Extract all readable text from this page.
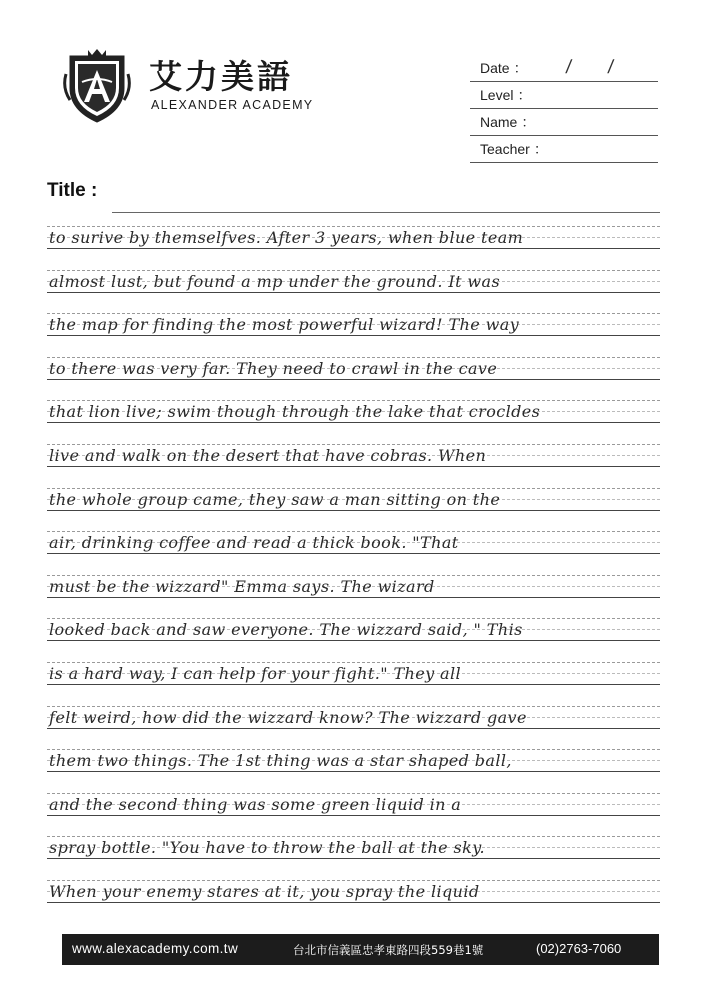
艾力美語
ALEXANDER ACADEMY
Date ： / /
Level ：
Name ：
Teacher ：
Title :
to surive by themselfves. After 3 years, when blue team
almost lust, but found a mp under the ground. It was
the map for finding the most powerful wizard! The way
to there was very far. They need to crawl in the cave
that lion live; swim though through the lake that crocldes
live and walk on the desert that have cobras. When
the whole group came, they saw a man sitting on the
air, drinking coffee and read a thick book. "That
must be the wizzard" Emma says. The wizard
looked back and saw everyone. The wizzard said, " This
is a hard way, I can help for your fight." They all
felt weird, how did the wizzard know? The wizzard gave
them two things. The 1st thing was a star shaped ball,
and the second thing was some green liquid in a
spray bottle. "You have to throw the ball at the sky.
When your enemy stares at it, you spray the liquid
www.alexacademy.com.tw	台北市信義區忠孝東路四段559巷1號	(02)2763-7060
